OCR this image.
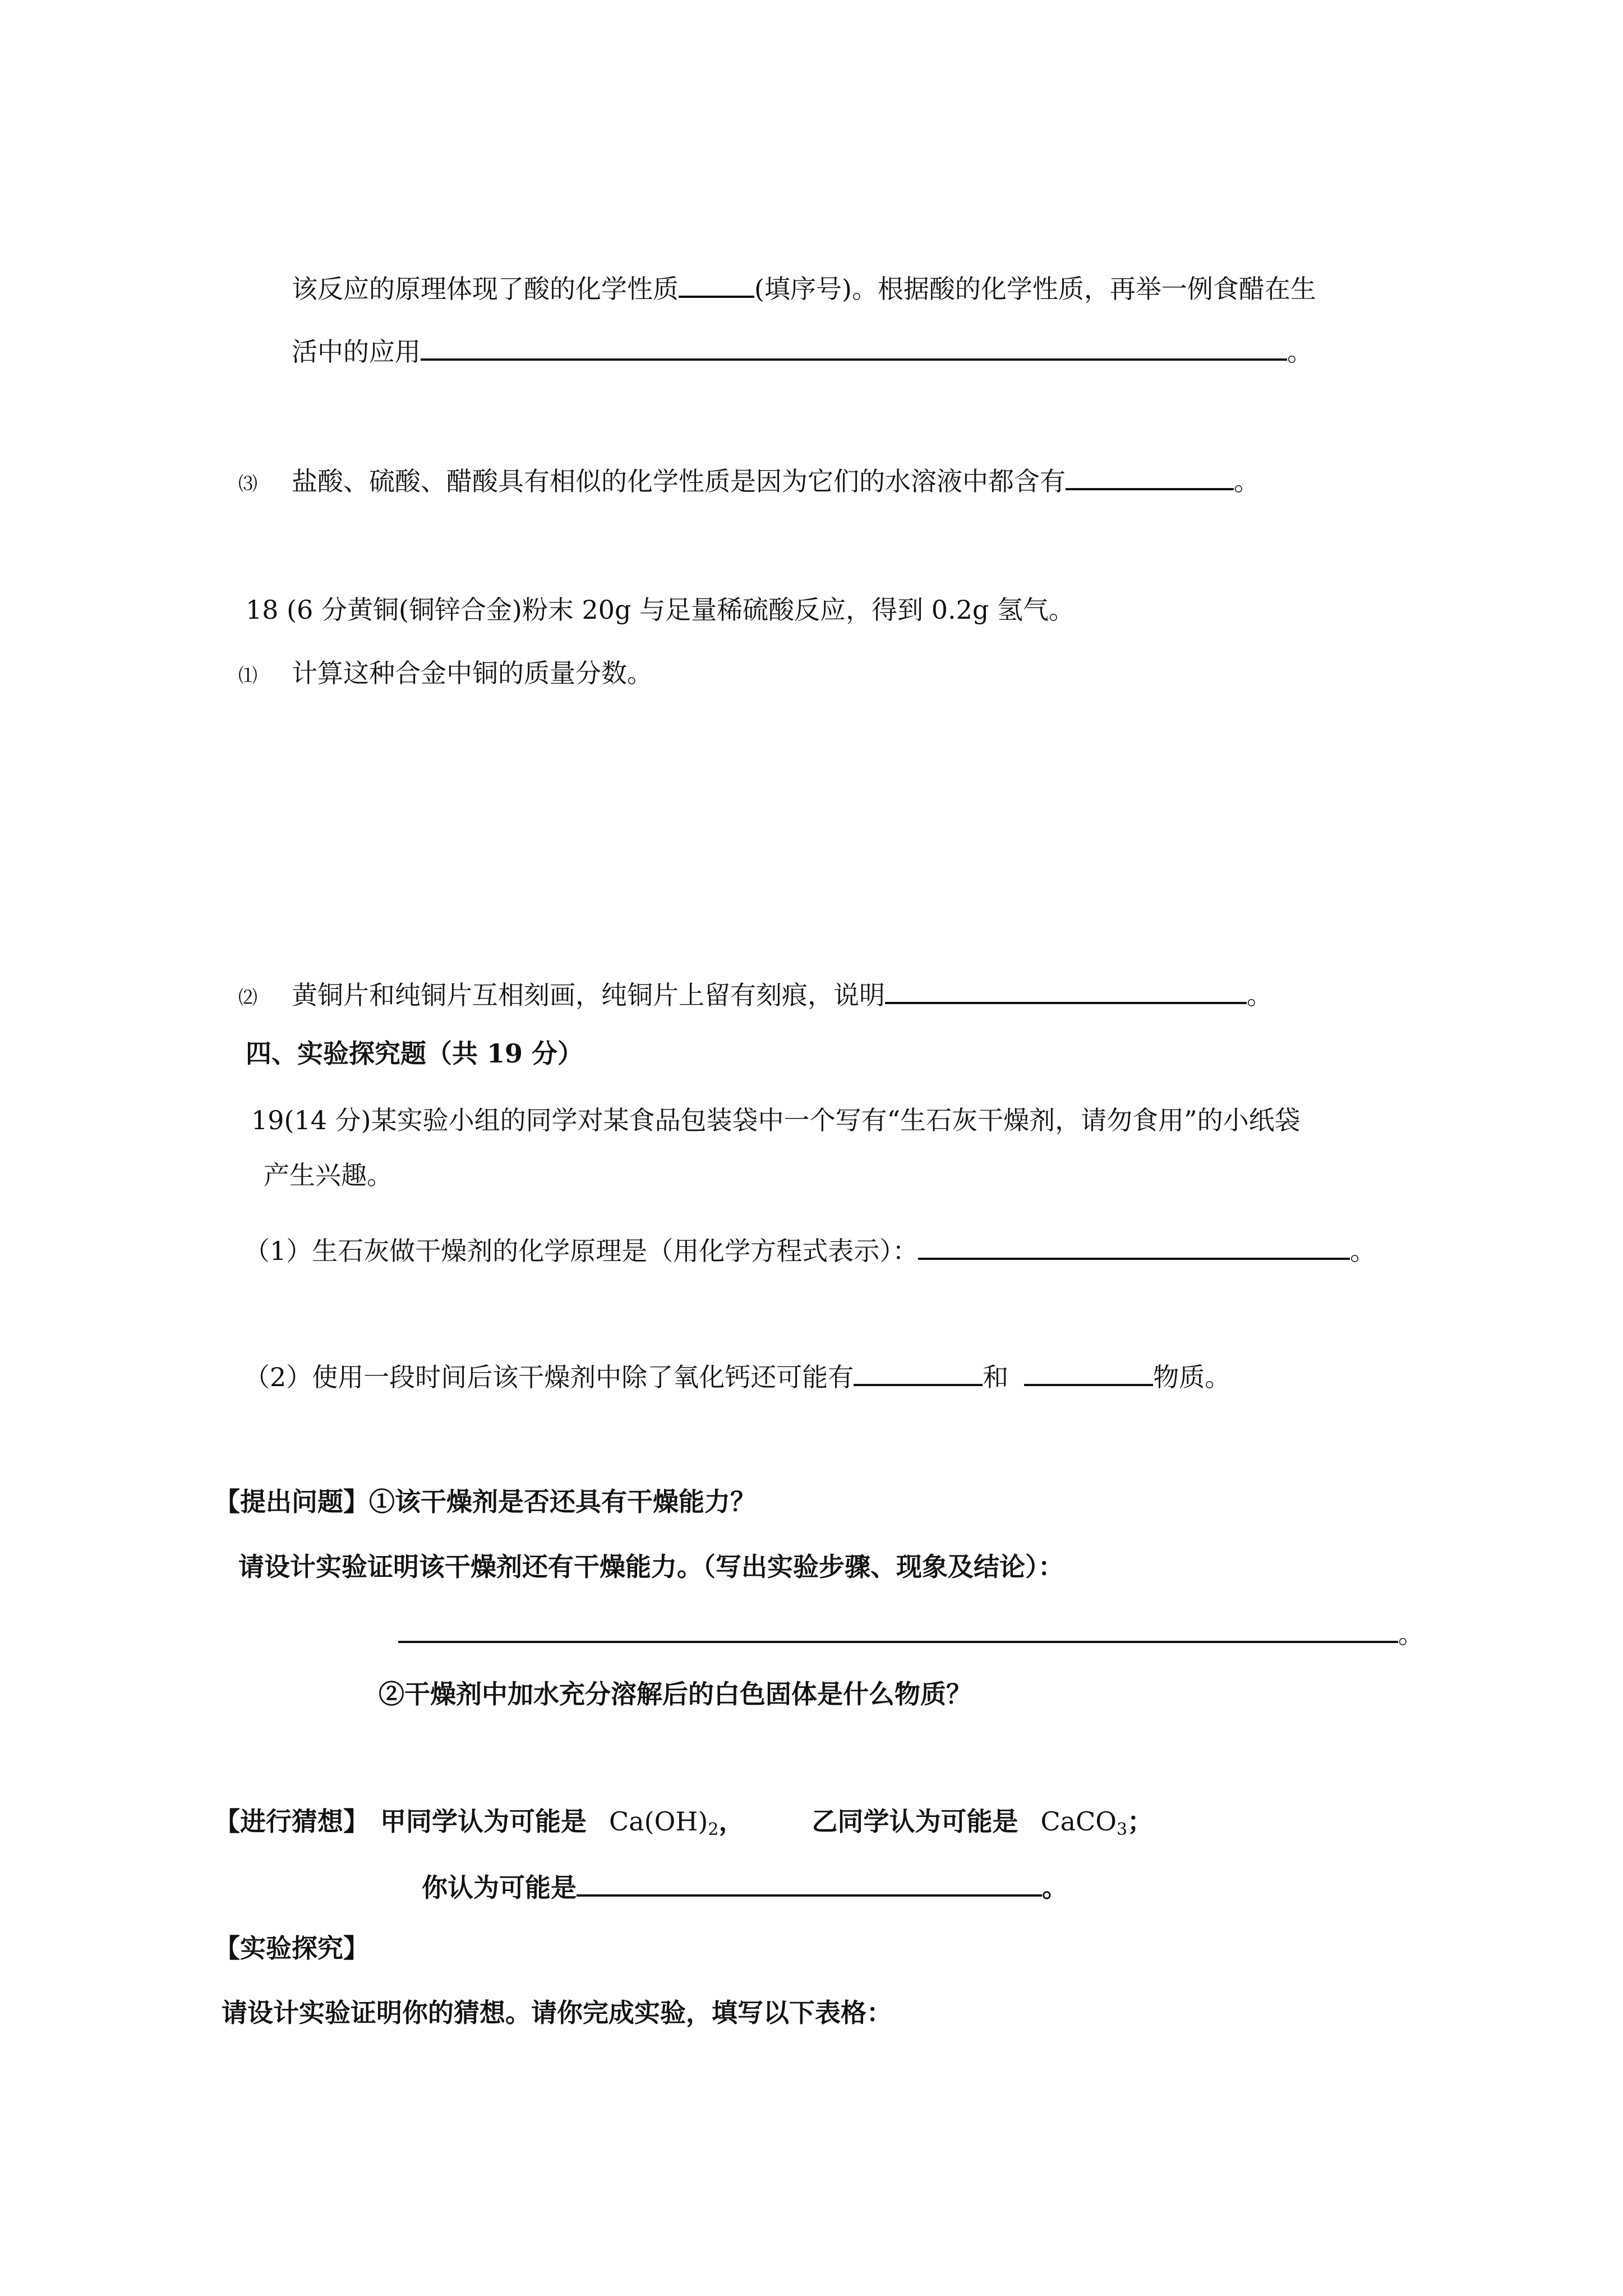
该反应的原理体现了酸的化学性质	(填序号)。根据酸的化学性质，再举一例食醋在生
活中的应用	。
⑶ 盐酸、硫酸、醋酸具有相似的化学性质是因为它们的水溶液中都含有	。
18 (6 分黄铜(铜锌合金)粉末 20g 与足量稀硫酸反应，得到 0.2g 氢气。
⑴ 计算这种合金中铜的质量分数。
⑵ 黄铜片和纯铜片互相刻画，纯铜片上留有刻痕，说明	。
四、实验探究题（共 19 分）
19(14 分)某实验小组的同学对某食品包装袋中一个写有“生石灰干燥剂，请勿食用”的小纸袋
产生兴趣。
（1）生石灰做干燥剂的化学原理是（用化学方程式表示）：	。
（2）使用一段时间后该干燥剂中除了氧化钙还可能有	和	物质。
【提出问题】①该干燥剂是否还具有干燥能力？
请设计实验证明该干燥剂还有干燥能力。（写出实验步骤、现象及结论）：
。
②干燥剂中加水充分溶解后的白色固体是什么物质？
【进行猜想】 甲同学认为可能是 $Ca(OH)_2$，	乙同学认为可能是 CaCO$_3$；
你认为可能是	。
【实验探究】
请设计实验证明你的猜想。请你完成实验，填写以下表格：
